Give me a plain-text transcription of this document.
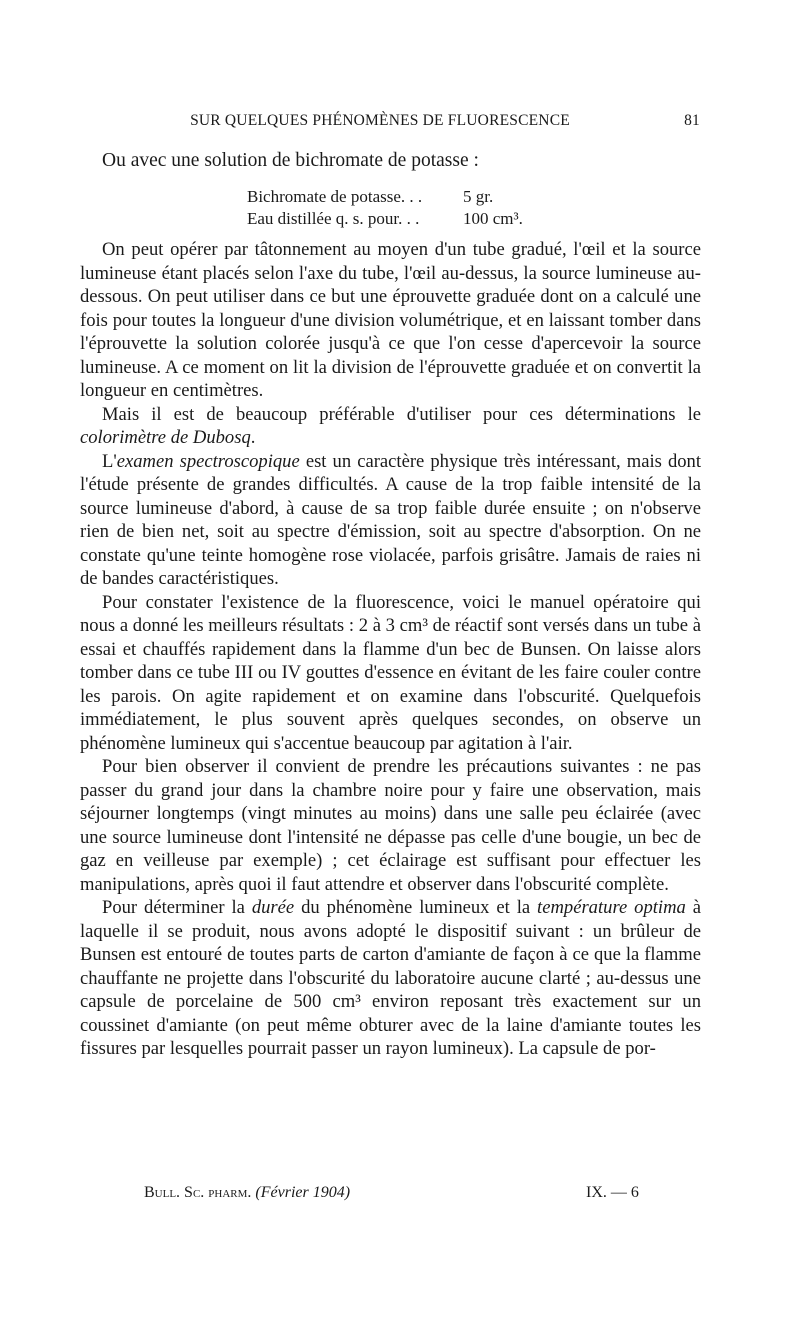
SUR QUELQUES PHÉNOMÈNES DE FLUORESCENCE	81
Ou avec une solution de bichromate de potasse :
Bichromate de potasse. . . 5 gr.
Eau distillée q. s. pour. . .	100 cm³.

On peut opérer par tâtonnement au moyen d'un tube gradué, l'œil et la source lumineuse étant placés selon l'axe du tube, l'œil au-dessus, la source lumineuse au-dessous. On peut utiliser dans ce but une éprouvette graduée dont on a calculé une fois pour toutes la longueur d'une division volumétrique, et en laissant tomber dans l'éprouvette la solution colorée jusqu'à ce que l'on cesse d'apercevoir la source lumineuse. A ce moment on lit la division de l'éprouvette graduée et on convertit la longueur en centimètres.

Mais il est de beaucoup préférable d'utiliser pour ces déterminations le colorimètre de Dubosq.

L'examen spectroscopique est un caractère physique très intéressant, mais dont l'étude présente de grandes difficultés. A cause de la trop faible intensité de la source lumineuse d'abord, à cause de sa trop faible durée ensuite ; on n'observe rien de bien net, soit au spectre d'émission, soit au spectre d'absorption. On ne constate qu'une teinte homogène rose violacée, parfois grisâtre. Jamais de raies ni de bandes caractéristiques.

Pour constater l'existence de la fluorescence, voici le manuel opératoire qui nous a donné les meilleurs résultats : 2 à 3 cm³ de réactif sont versés dans un tube à essai et chauffés rapidement dans la flamme d'un bec de Bunsen. On laisse alors tomber dans ce tube III ou IV gouttes d'essence en évitant de les faire couler contre les parois. On agite rapidement et on examine dans l'obscurité. Quelquefois immédiatement, le plus souvent après quelques secondes, on observe un phénomène lumineux qui s'accentue beaucoup par agitation à l'air.

Pour bien observer il convient de prendre les précautions suivantes : ne pas passer du grand jour dans la chambre noire pour y faire une observation, mais séjourner longtemps (vingt minutes au moins) dans une salle peu éclairée (avec une source lumineuse dont l'intensité ne dépasse pas celle d'une bougie, un bec de gaz en veilleuse par exemple) ; cet éclairage est suffisant pour effectuer les manipulations, après quoi il faut attendre et observer dans l'obscurité complète.

Pour déterminer la durée du phénomène lumineux et la température optima à laquelle il se produit, nous avons adopté le dispositif suivant : un brûleur de Bunsen est entouré de toutes parts de carton d'amiante de façon à ce que la flamme chauffante ne projette dans l'obscurité du laboratoire aucune clarté ; au-dessus une capsule de porcelaine de 500 cm³ environ reposant très exactement sur un coussinet d'amiante (on peut même obturer avec de la laine d'amiante toutes les fissures par lesquelles pourrait passer un rayon lumineux). La capsule de por-

Bull. Sc. pharm. (Février 1904)	IX. — 6
